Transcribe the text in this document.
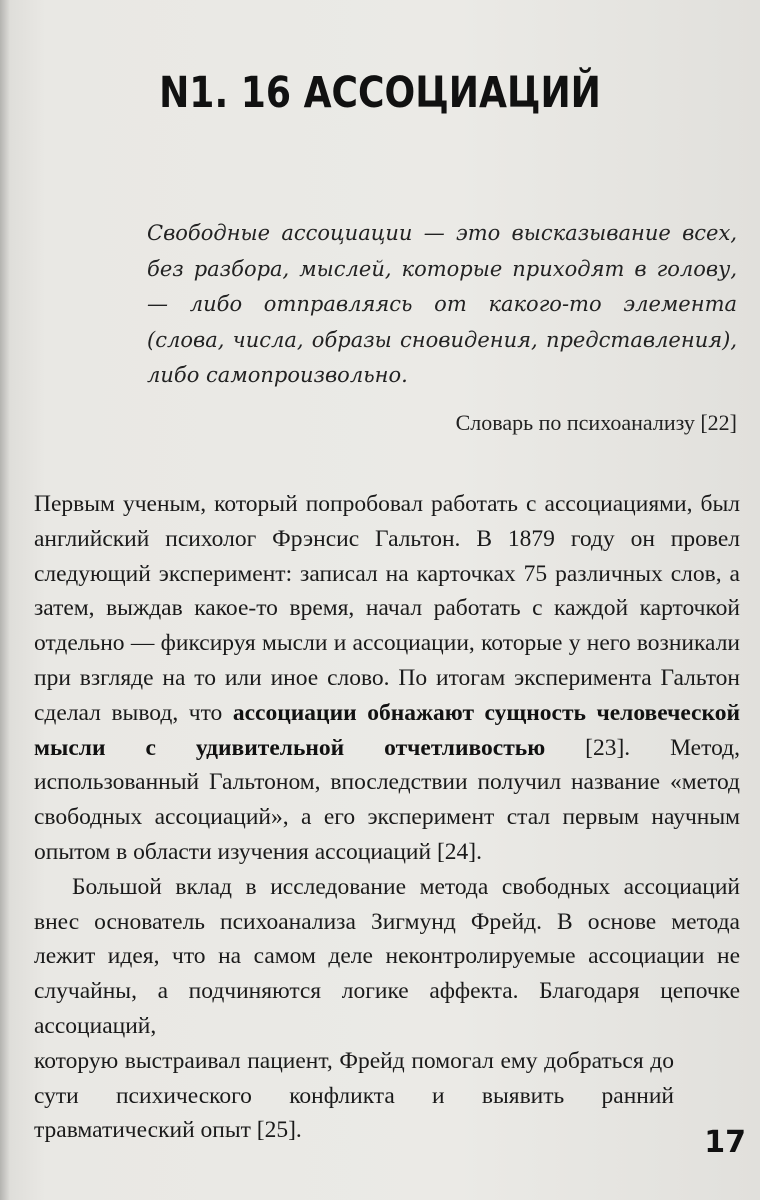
N1. 16 АССОЦИАЦИЙ

Свободные ассоциации — это высказывание всех, без разбора, мыслей, которые приходят в голову, — либо отправляясь от какого-то элемента (слова, числа, образы сновидения, представления), либо самопроизвольно.

Словарь по психоанализу [22]

Первым ученым, который попробовал работать с ассоциациями, был английский психолог Фрэнсис Гальтон. В 1879 году он провел следующий эксперимент: записал на карточках 75 различных слов, а затем, выждав какое-то время, начал работать с каждой карточкой отдельно — фиксируя мысли и ассоциации, которые у него возникали при взгляде на то или иное слово. По итогам эксперимента Гальтон сделал вывод, что ассоциации обнажают сущность человеческой мысли с удивительной отчетливостью [23]. Метод, использованный Гальтоном, впоследствии получил название «метод свободных ассоциаций», а его эксперимент стал первым научным опытом в области изучения ассоциаций [24].

Большой вклад в исследование метода свободных ассоциаций внес основатель психоанализа Зигмунд Фрейд. В основе метода лежит идея, что на самом деле неконтролируемые ассоциации не случайны, а подчиняются логике аффекта. Благодаря цепочке ассоциаций,

которую выстраивал пациент, Фрейд помогал ему добраться до сути психического конфликта и выявить ранний травматический опыт [25].	17
